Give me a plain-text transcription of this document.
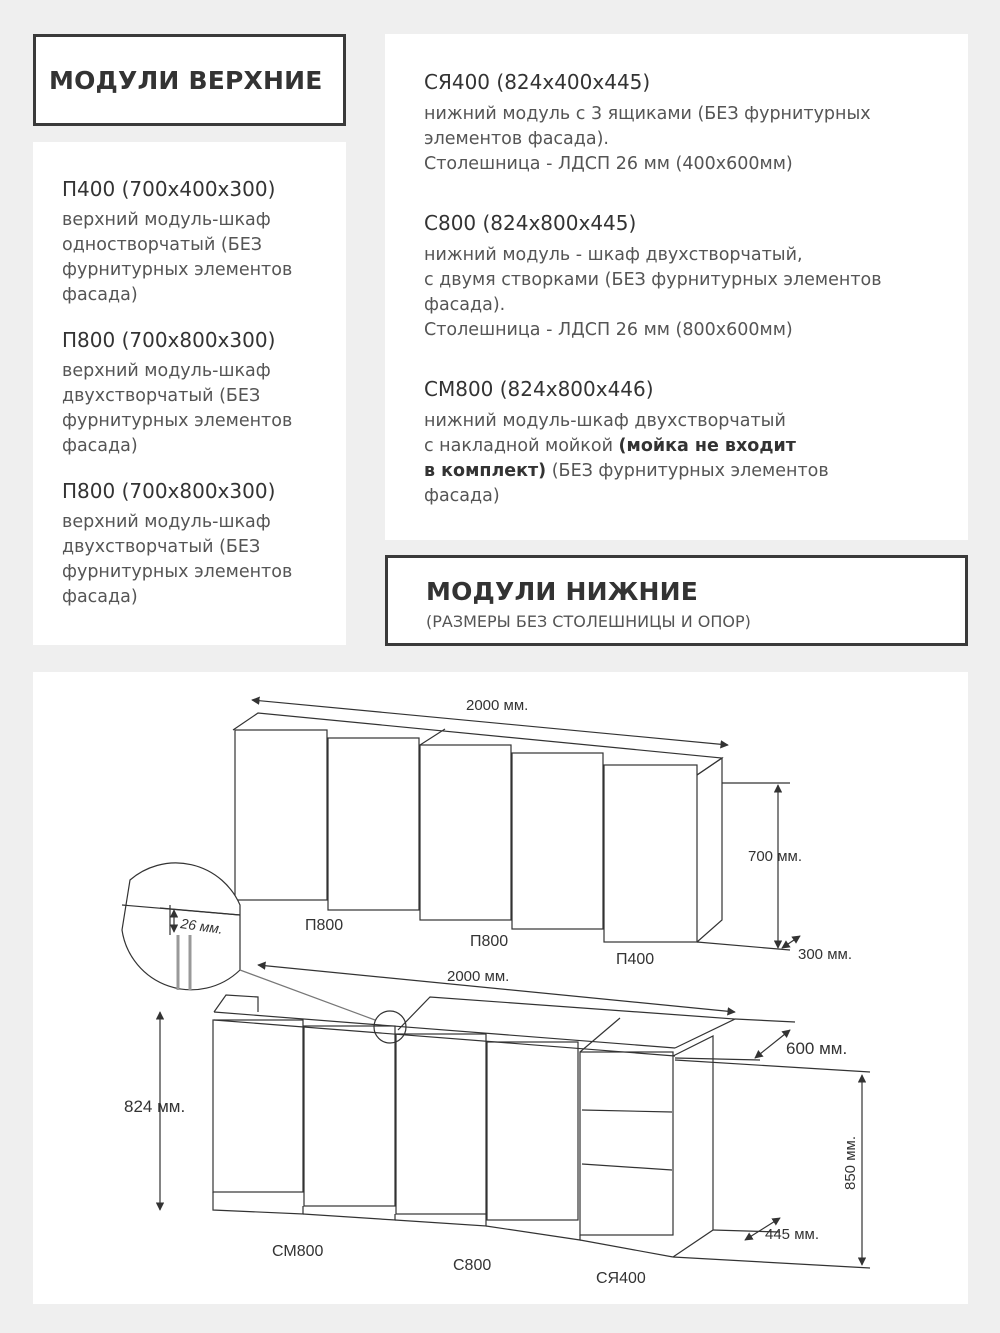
МОДУЛИ ВЕРХНИЕ

П400 (700x400x300)

верхний модуль-шкаф

одностворчатый (БЕЗ

фурнитурных элементов

фасада)

П800 (700x800x300)

верхний модуль-шкаф

двухстворчатый (БЕЗ

фурнитурных элементов

фасада)

П800 (700x800x300)

верхний модуль-шкаф

двухстворчатый (БЕЗ

фурнитурных элементов

фасада)

СЯ400 (824x400x445)

нижний модуль с 3 ящиками (БЕЗ фурнитурных

элементов фасада).

Столешница - ЛДСП 26 мм (400x600мм)

С800 (824x800x445)

нижний модуль - шкаф двухстворчатый,

с двумя створками (БЕЗ фурнитурных элементов

фасада).

Столешница - ЛДСП 26 мм (800x600мм)

СМ800 (824x800x446)

нижний модуль-шкаф двухстворчатый

с накладной мойкой (мойка не входит

в комплект) (БЕЗ фурнитурных элементов

фасада)

МОДУЛИ НИЖНИЕ
(РАЗМЕРЫ БЕЗ СТОЛЕШНИЦЫ И ОПОР)
2000 мм.
700 мм.
300 мм.
П800
П800
П400
26 мм.
2000 мм.
600 мм.
824 мм.
850 мм.
445 мм.
СМ800
С800
СЯ400
